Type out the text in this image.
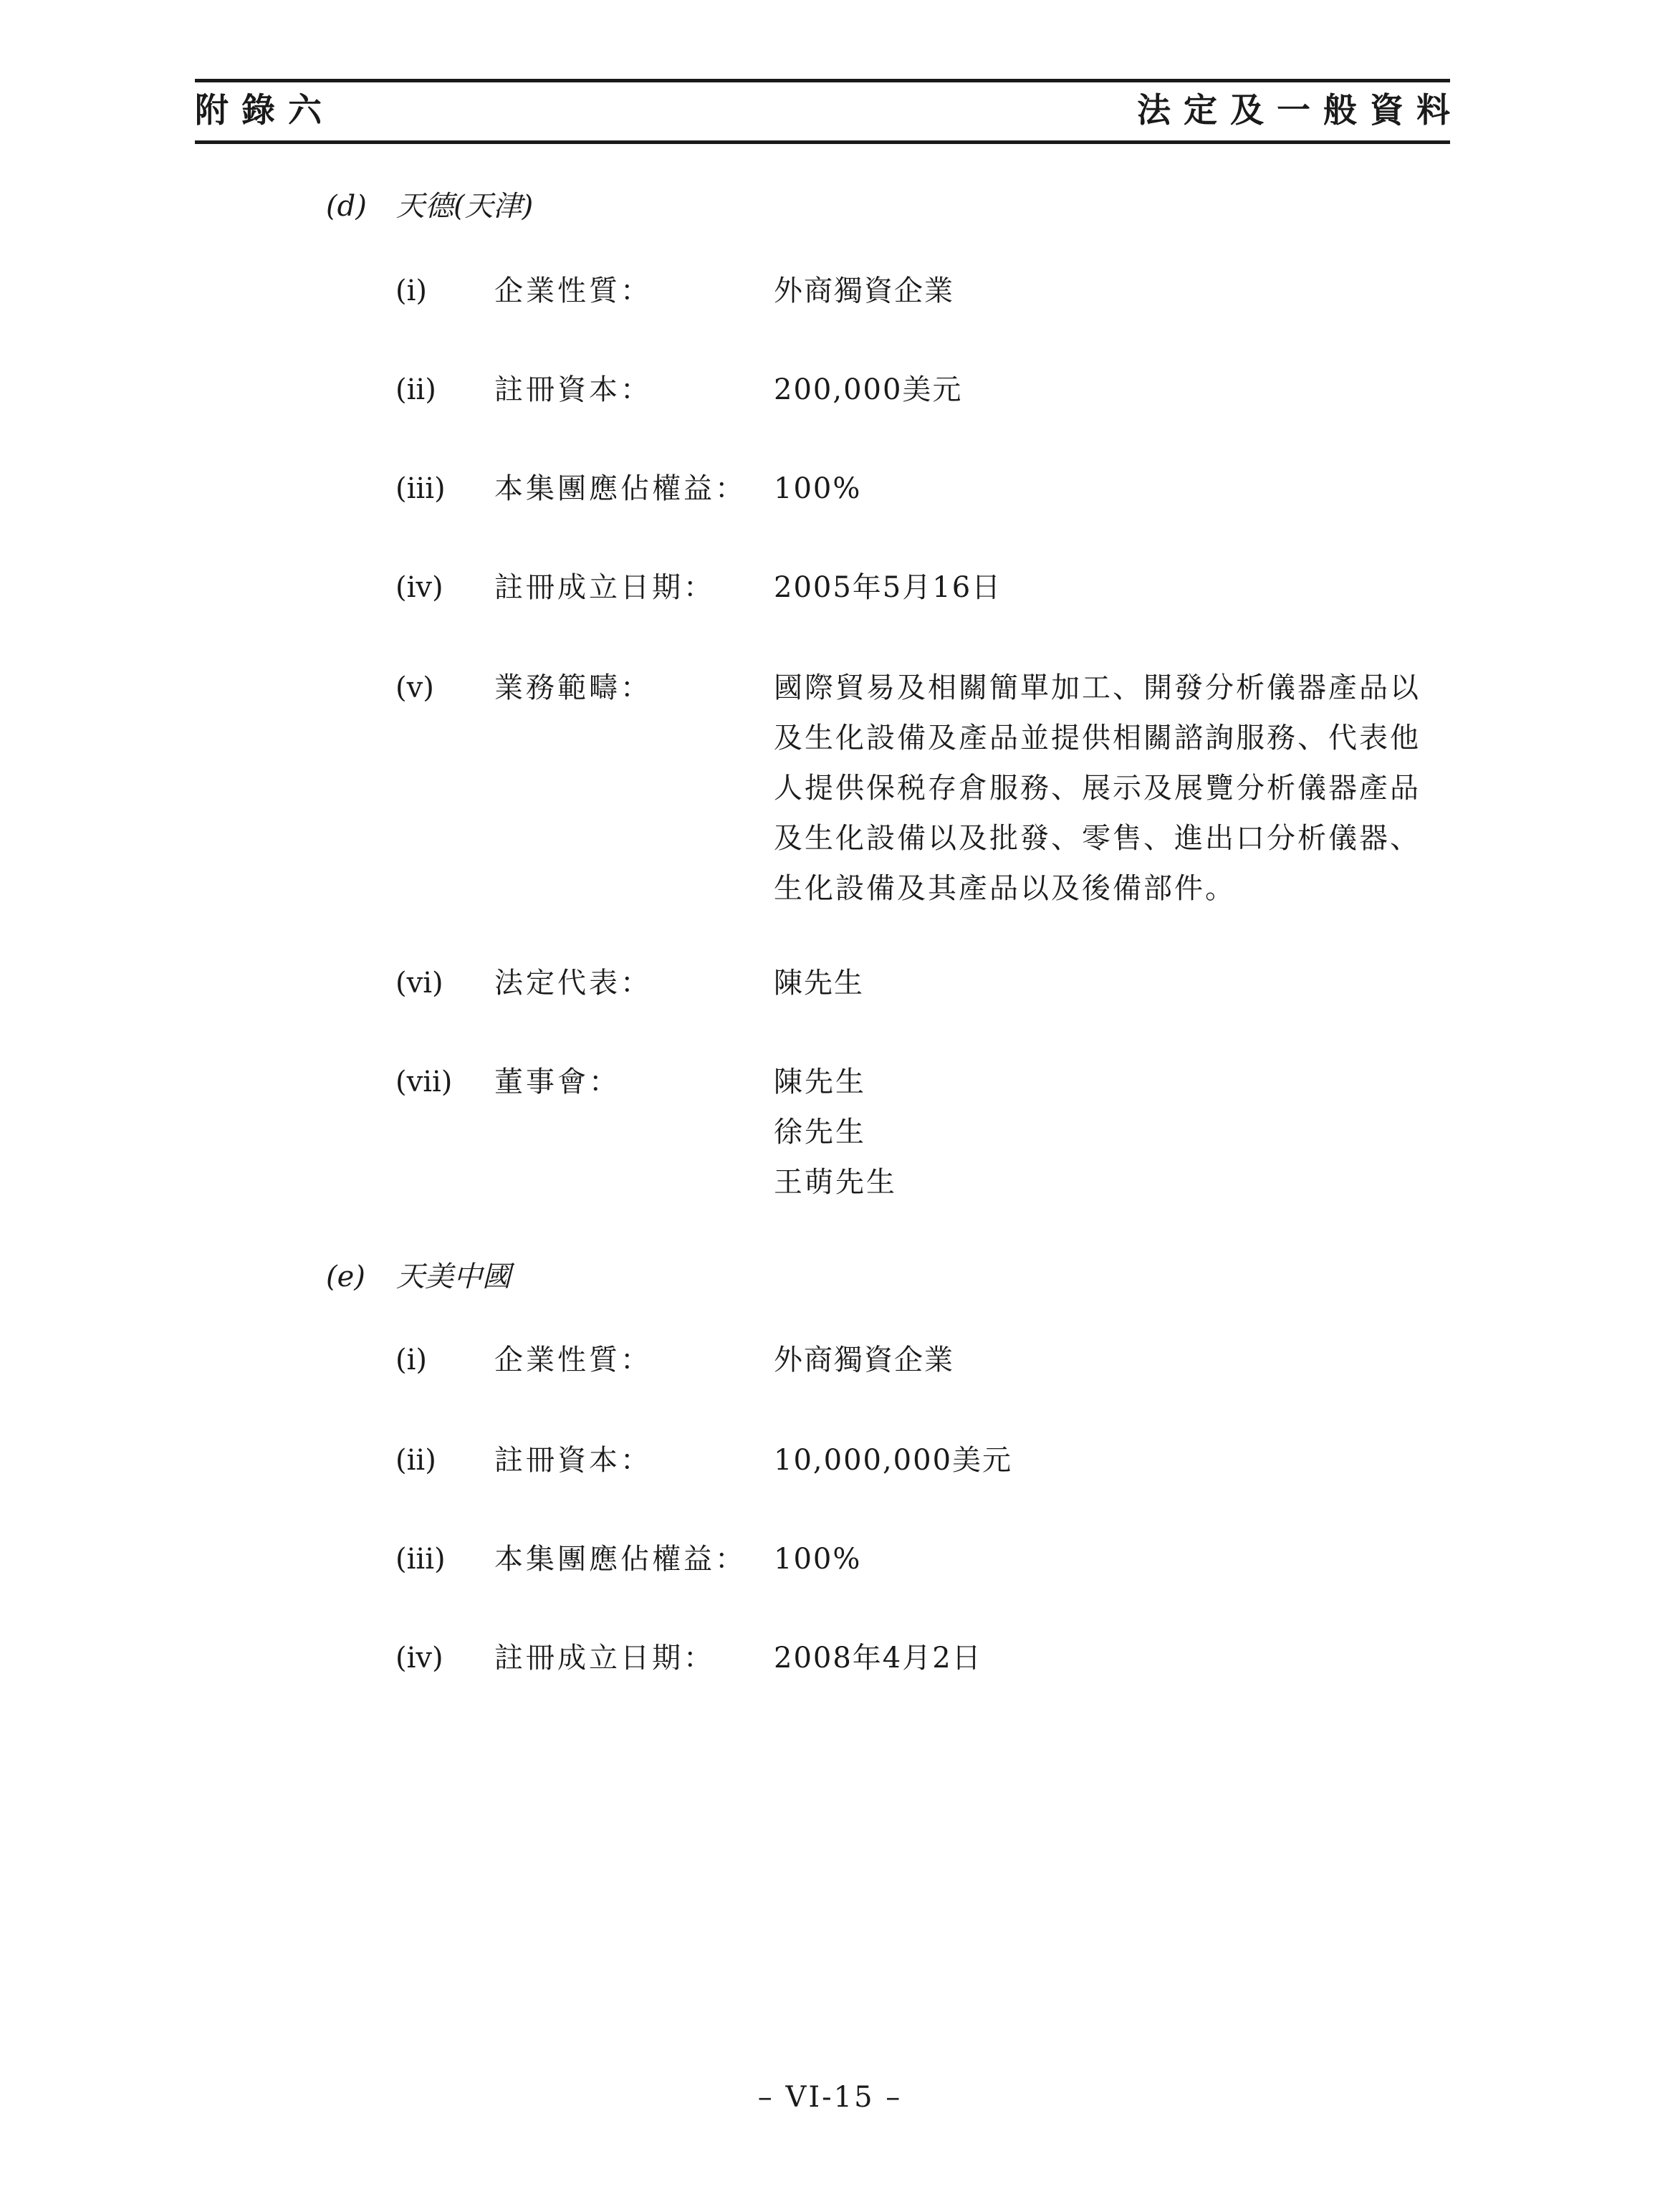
附錄六	法定及一般資料
(d) 天德(天津)
(i) 企業性質：	外商獨資企業
(ii) 註冊資本：	200,000美元
(iii) 本集團應佔權益： 100%
(iv) 註冊成立日期： 2005年5月16日
(v) 業務範疇：	國際貿易及相關簡單加工、開發分析儀器產品以
及生化設備及產品並提供相關諮詢服務、代表他
人提供保税存倉服務、展示及展覽分析儀器產品
及生化設備以及批發、零售、進出口分析儀器、
生化設備及其產品以及後備部件。
(vi) 法定代表：	陳先生
(vii) 董事會：	陳先生
徐先生
王萌先生
(e) 天美中國
(i) 企業性質：	外商獨資企業
(ii) 註冊資本：	10,000,000美元
(iii) 本集團應佔權益： 100%
(iv) 註冊成立日期： 2008年4月2日
– VI-15 –
